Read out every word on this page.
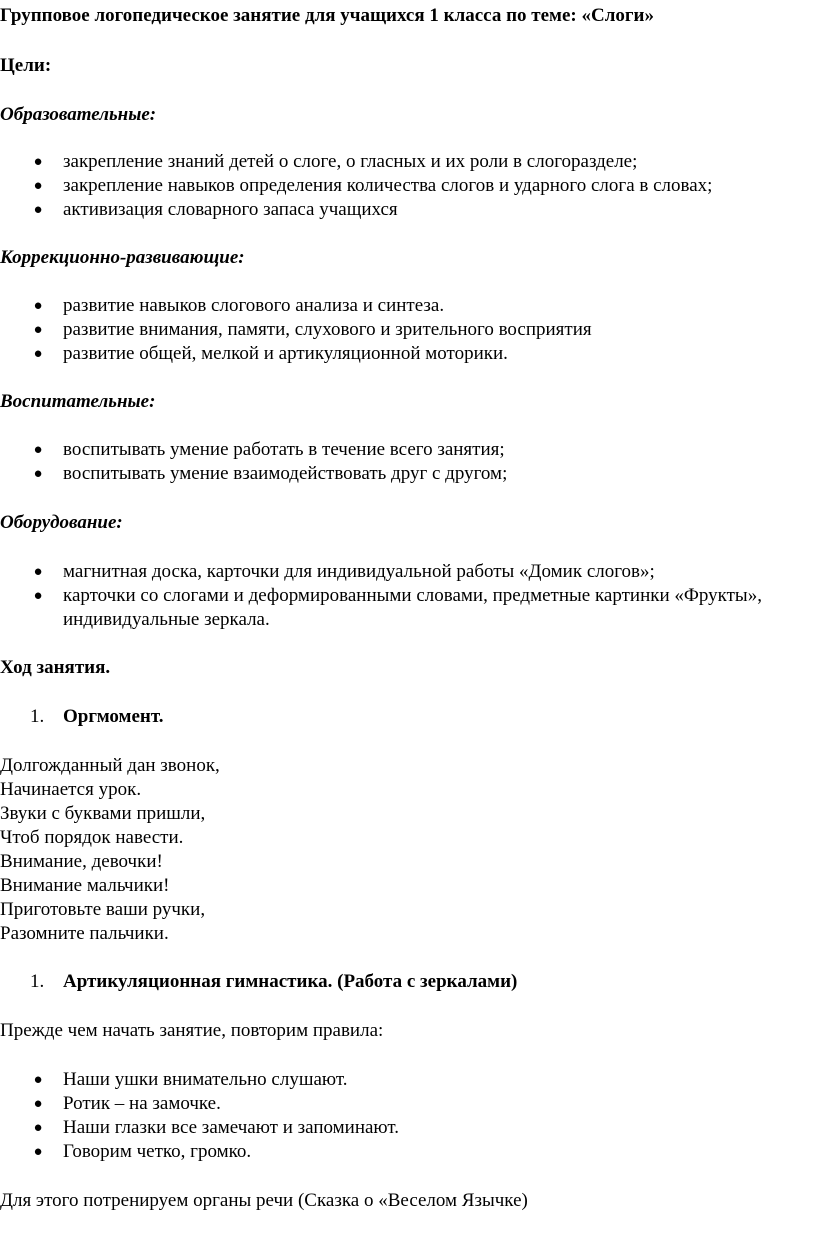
Групповое логопедическое занятие для учащихся 1 класса по теме: «Слоги»
Цели:
Образовательные:
● закрепление знаний детей о слоге, о гласных и их роли в слогоразделе;
● закрепление навыков определения количества слогов и ударного слога в словах;
● активизация словарного запаса учащихся
Коррекционно-развивающие:
● развитие навыков слогового анализа и синтеза.
● развитие внимания, памяти, слухового и зрительного восприятия
● развитие общей, мелкой и артикуляционной моторики.
Воспитательные:
● воспитывать умение работать в течение всего занятия;
● воспитывать умение взаимодействовать друг с другом;
Оборудование:
● магнитная доска, карточки для индивидуальной работы «Домик слогов»;
● карточки со слогами и деформированными словами, предметные картинки «Фрукты», индивидуальные зеркала.
Ход занятия.
1. Оргмомент.
Долгожданный дан звонок,
Начинается урок.
Звуки с буквами пришли,
Чтоб порядок навести.
Внимание, девочки!
Внимание мальчики!
Приготовьте ваши ручки,
Разомните пальчики.
1. Артикуляционная гимнастика. (Работа с зеркалами)
Прежде чем начать занятие, повторим правила:
● Наши ушки внимательно слушают.
● Ротик – на замочке.
● Наши глазки все замечают и запоминают.
● Говорим четко, громко.
Для этого потренируем органы речи (Сказка о «Веселом Язычке)
